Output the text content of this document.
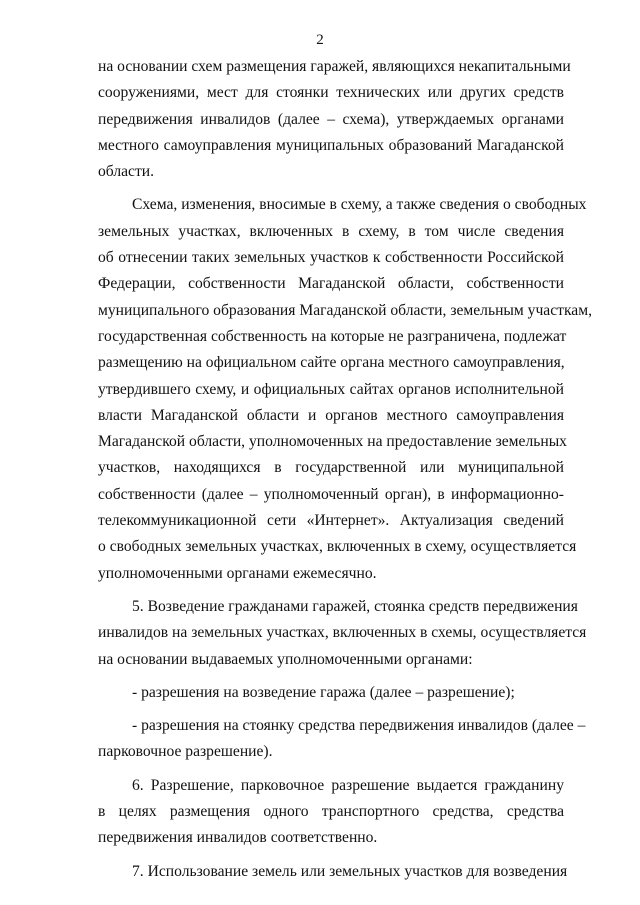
2

на основании схем размещения гаражей, являющихся некапитальными
сооружениями, мест для стоянки технических или других средств
передвижения инвалидов (далее – схема), утверждаемых органами
местного самоуправления муниципальных образований Магаданской
области.

Схема, изменения, вносимые в схему, а также сведения о свободных
земельных участках, включенных в схему, в том числе сведения
об отнесении таких земельных участков к собственности Российской
Федерации, собственности Магаданской области, собственности
муниципального образования Магаданской области, земельным участкам,
государственная собственность на которые не разграничена, подлежат
размещению на официальном сайте органа местного самоуправления,
утвердившего схему, и официальных сайтах органов исполнительной
власти Магаданской области и органов местного самоуправления
Магаданской области, уполномоченных на предоставление земельных
участков, находящихся в государственной или муниципальной
собственности (далее – уполномоченный орган), в информационно-
телекоммуникационной сети «Интернет». Актуализация сведений
о свободных земельных участках, включенных в схему, осуществляется
уполномоченными органами ежемесячно.

5. Возведение гражданами гаражей, стоянка средств передвижения
инвалидов на земельных участках, включенных в схемы, осуществляется
на основании выдаваемых уполномоченными органами:

- разрешения на возведение гаража (далее – разрешение);

- разрешения на стоянку средства передвижения инвалидов (далее –
парковочное разрешение).

6. Разрешение, парковочное разрешение выдается гражданину
в целях размещения одного транспортного средства, средства
передвижения инвалидов соответственно.

7. Использование земель или земельных участков для возведения
